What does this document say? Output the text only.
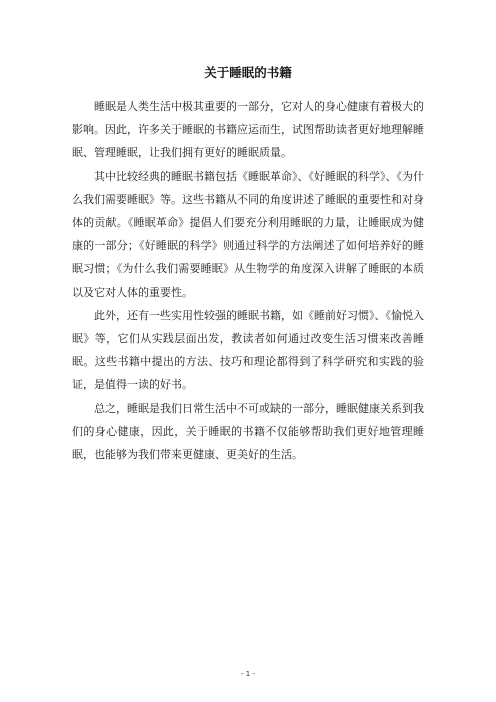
关于睡眠的书籍

睡眠是人类生活中极其重要的一部分，它对人的身心健康有着极大的影响。因此，许多关于睡眠的书籍应运而生，试图帮助读者更好地理解睡眠、管理睡眠，让我们拥有更好的睡眠质量。

其中比较经典的睡眠书籍包括《睡眠革命》、《好睡眠的科学》、《为什么我们需要睡眠》等。这些书籍从不同的角度讲述了睡眠的重要性和对身体的贡献。《睡眠革命》提倡人们要充分利用睡眠的力量，让睡眠成为健康的一部分；《好睡眠的科学》则通过科学的方法阐述了如何培养好的睡眠习惯；《为什么我们需要睡眠》从生物学的角度深入讲解了睡眠的本质以及它对人体的重要性。

此外，还有一些实用性较强的睡眠书籍，如《睡前好习惯》、《愉悦入眠》等，它们从实践层面出发，教读者如何通过改变生活习惯来改善睡眠。这些书籍中提出的方法、技巧和理论都得到了科学研究和实践的验证，是值得一读的好书。

总之，睡眠是我们日常生活中不可或缺的一部分，睡眠健康关系到我们的身心健康，因此，关于睡眠的书籍不仅能够帮助我们更好地管理睡眠，也能够为我们带来更健康、更美好的生活。

- 1 -
